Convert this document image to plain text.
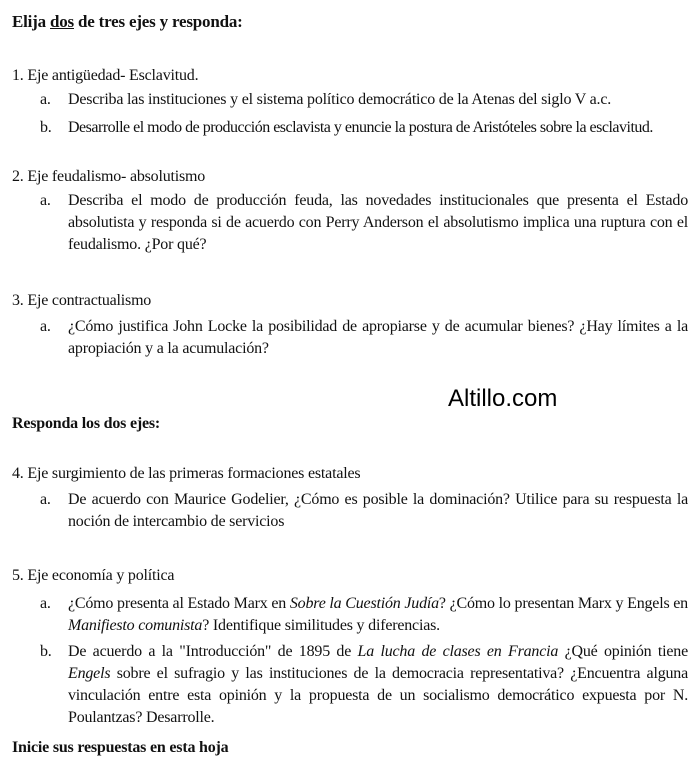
Elija dos de tres ejes y responda:
1. Eje antigüedad- Esclavitud.
a.	Describa las instituciones y el sistema político democrático de la Atenas del siglo V a.c.
b.	Desarrolle el modo de producción esclavista y enuncie la postura de Aristóteles sobre la esclavitud.
2. Eje feudalismo- absolutismo
a.	Describa el modo de producción feuda, las novedades institucionales que presenta el Estado absolutista y responda si de acuerdo con Perry Anderson el absolutismo implica una ruptura con el feudalismo. ¿Por qué?
3. Eje contractualismo
a.	¿Cómo justifica John Locke la posibilidad de apropiarse y de acumular bienes? ¿Hay límites a la apropiación y a la acumulación?
Altillo.com
Responda los dos ejes:
4. Eje surgimiento de las primeras formaciones estatales
a.	De acuerdo con Maurice Godelier, ¿Cómo es posible la dominación? Utilice para su respuesta la noción de intercambio de servicios
5. Eje economía y política
a.	¿Cómo presenta al Estado Marx en Sobre la Cuestión Judía? ¿Cómo lo presentan Marx y Engels en Manifiesto comunista? Identifique similitudes y diferencias.
b.	De acuerdo a la "Introducción" de 1895 de La lucha de clases en Francia ¿Qué opinión tiene Engels sobre el sufragio y las instituciones de la democracia representativa? ¿Encuentra alguna vinculación entre esta opinión y la propuesta de un socialismo democrático expuesta por N. Poulantzas? Desarrolle.
Inicie sus respuestas en esta hoja
